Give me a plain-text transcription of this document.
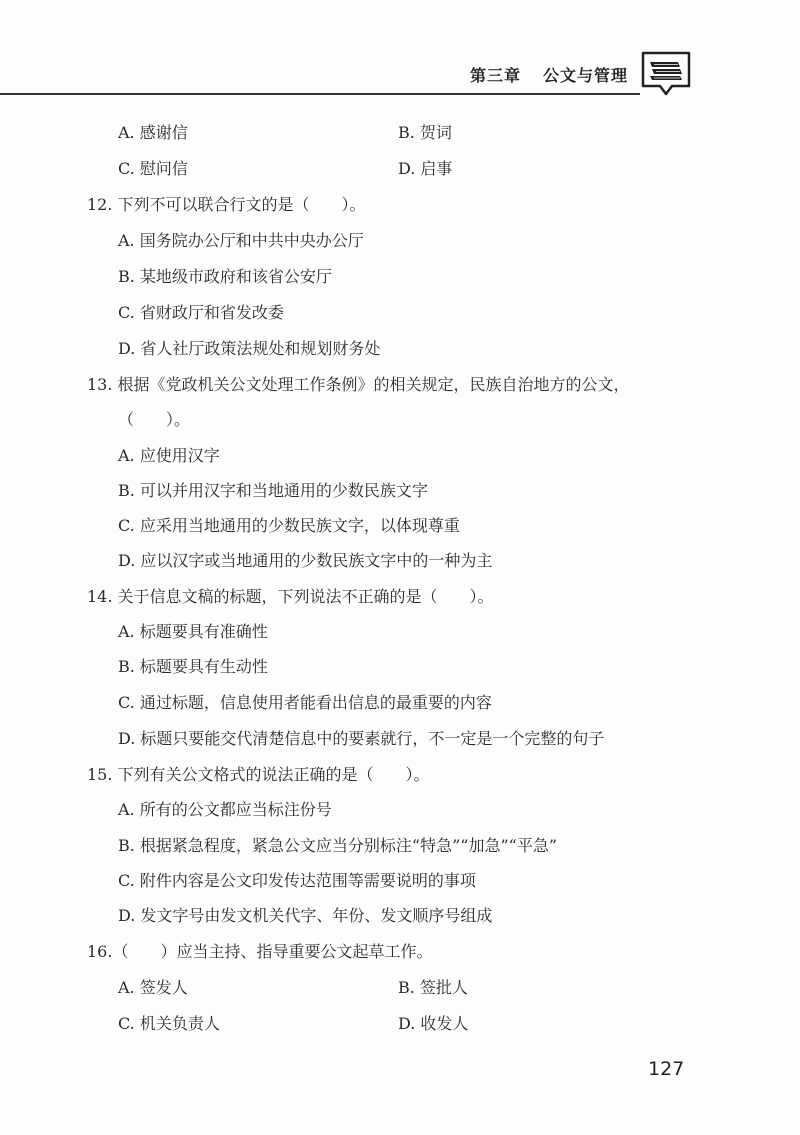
第三章 公文与管理
A. 感谢信	B. 贺词
C. 慰问信	D. 启事
12. 下列不可以联合行文的是（　　）。
A. 国务院办公厅和中共中央办公厅
B. 某地级市政府和该省公安厅
C. 省财政厅和省发改委
D. 省人社厅政策法规处和规划财务处
13. 根据《党政机关公文处理工作条例》的相关规定，民族自治地方的公文，
（　　）。
A. 应使用汉字
B. 可以并用汉字和当地通用的少数民族文字
C. 应采用当地通用的少数民族文字，以体现尊重
D. 应以汉字或当地通用的少数民族文字中的一种为主
14. 关于信息文稿的标题，下列说法不正确的是（　　）。
A. 标题要具有准确性
B. 标题要具有生动性
C. 通过标题，信息使用者能看出信息的最重要的内容
D. 标题只要能交代清楚信息中的要素就行，不一定是一个完整的句子
15. 下列有关公文格式的说法正确的是（　　）。
A. 所有的公文都应当标注份号
B. 根据紧急程度，紧急公文应当分别标注“特急”“加急”“平急”
C. 附件内容是公文印发传达范围等需要说明的事项
D. 发文字号由发文机关代字、年份、发文顺序号组成
16.（　　）应当主持、指导重要公文起草工作。
A. 签发人	B. 签批人
C. 机关负责人	D. 收发人
127
